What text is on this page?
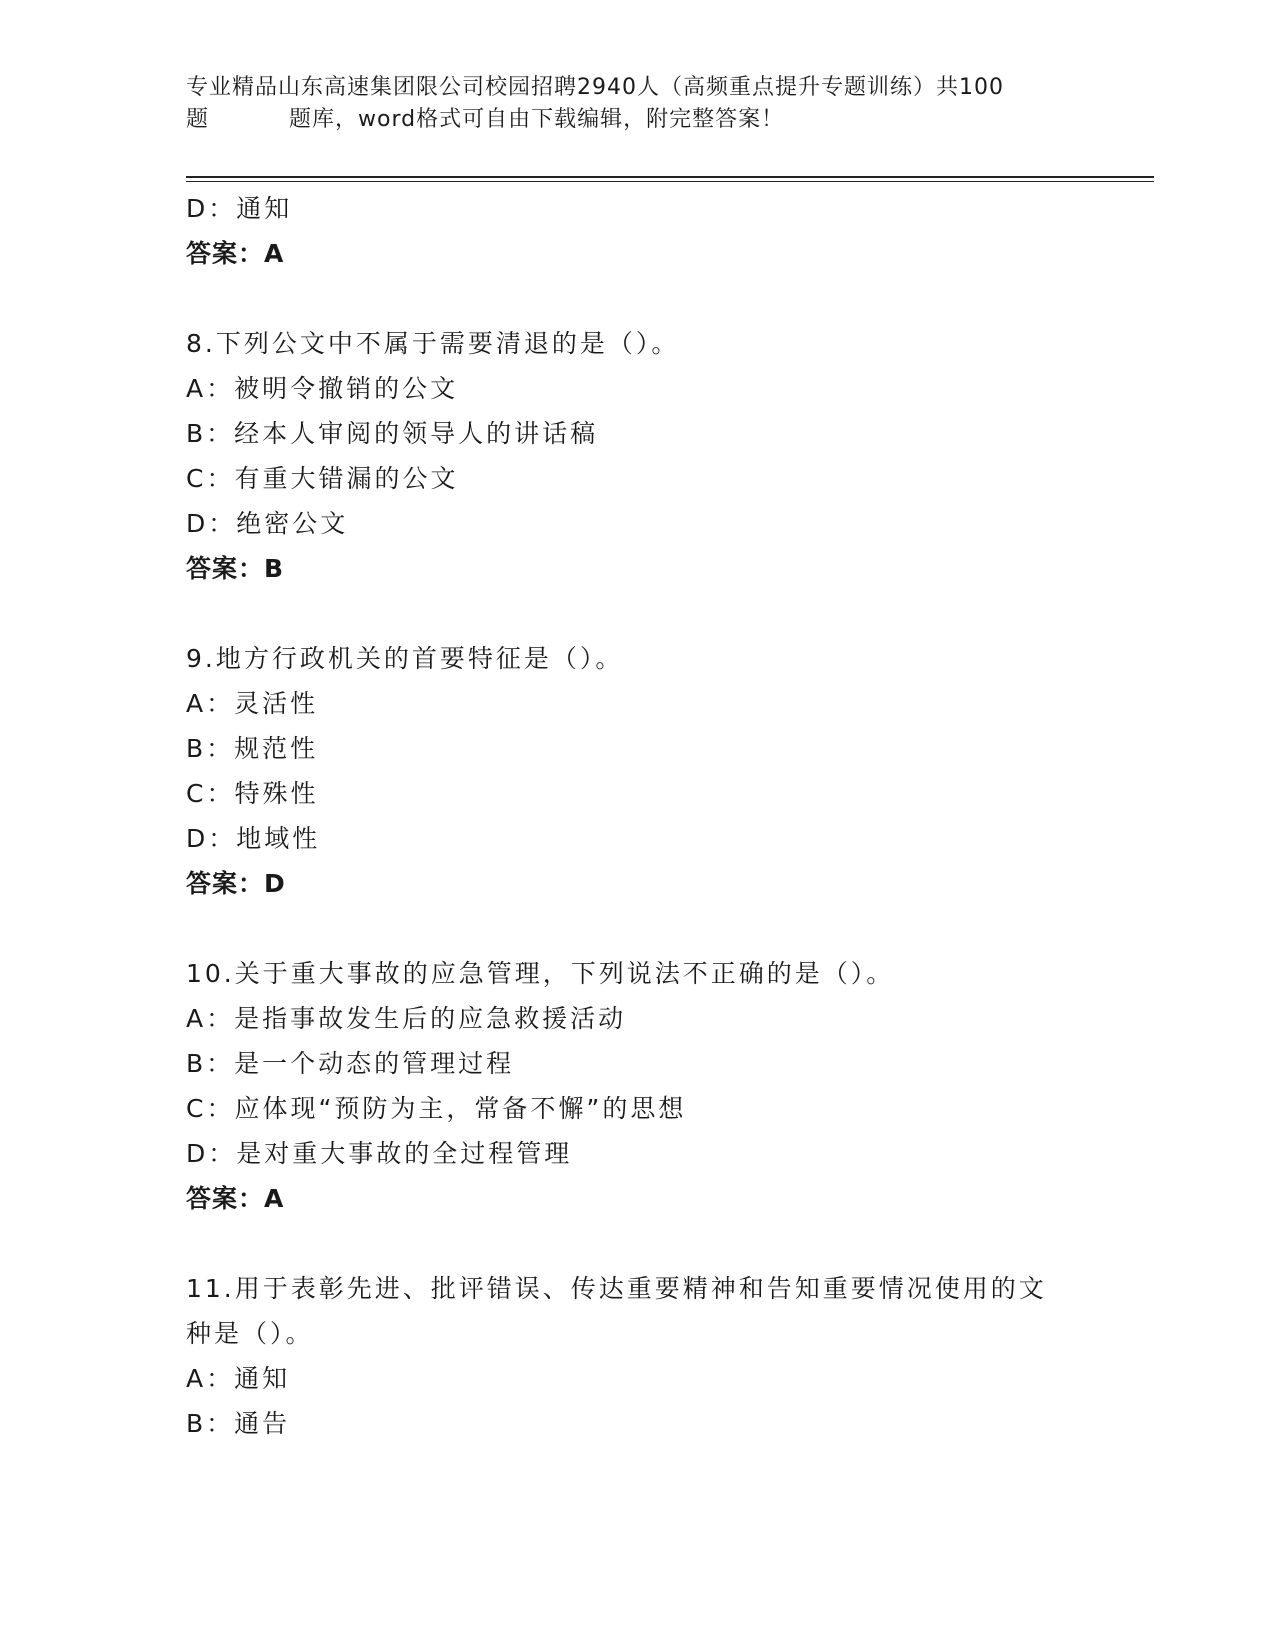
专业精品山东高速集团限公司校园招聘2940人（高频重点提升专题训练）共100
题	题库，word格式可自由下载编辑，附完整答案！
D：通知
答案：A
8.下列公文中不属于需要清退的是（）。
A：被明令撤销的公文
B：经本人审阅的领导人的讲话稿
C：有重大错漏的公文
D：绝密公文
答案：B
9.地方行政机关的首要特征是（）。
A：灵活性
B：规范性
C：特殊性
D：地域性
答案：D
10.关于重大事故的应急管理，下列说法不正确的是（）。
A：是指事故发生后的应急救援活动
B：是一个动态的管理过程
C：应体现“预防为主，常备不懈”的思想
D：是对重大事故的全过程管理
答案：A
11.用于表彰先进、批评错误、传达重要精神和告知重要情况使用的文
种是（）。
A：通知
B：通告
